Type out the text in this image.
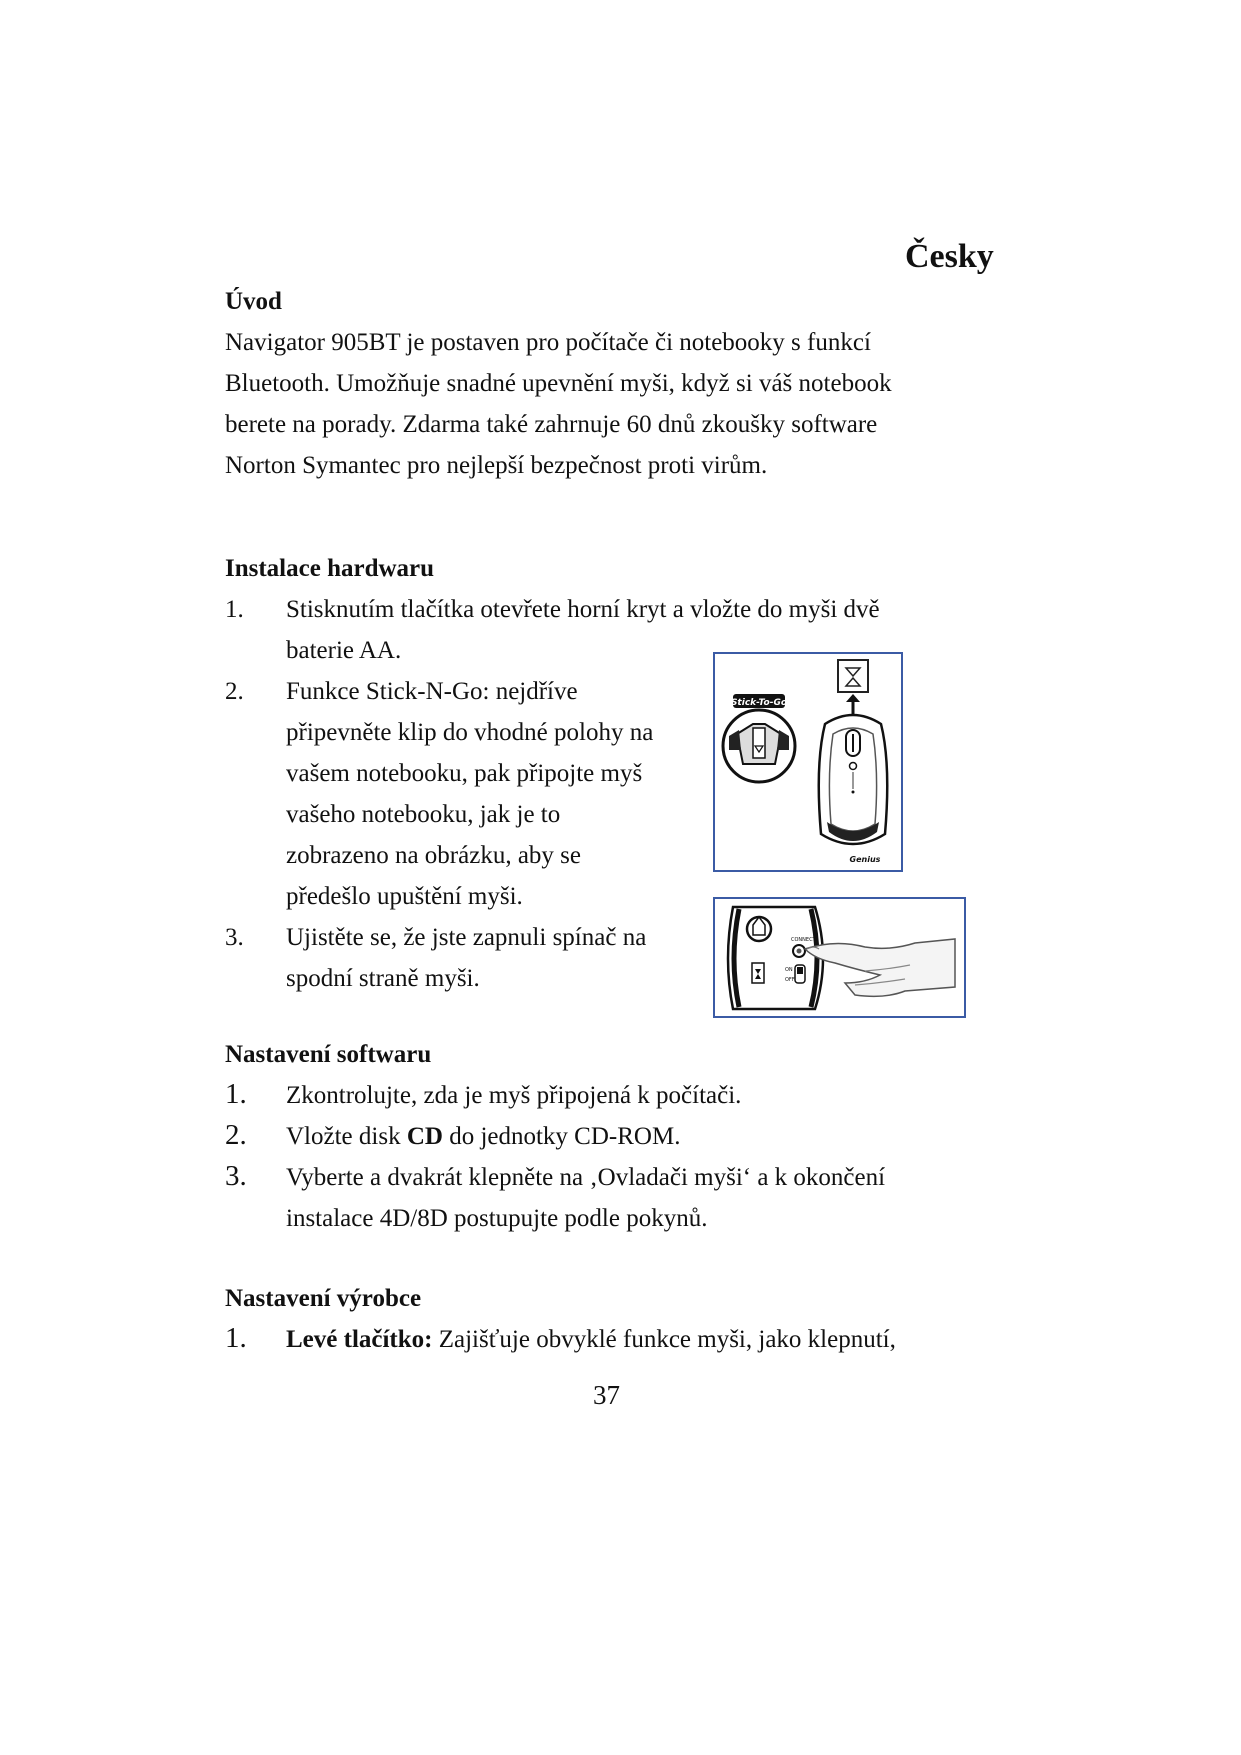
Česky
Úvod
Navigator 905BT je postaven pro počítače či notebooky s funkcí
Bluetooth. Umožňuje snadné upevnění myši, když si váš notebook
berete na porady. Zdarma také zahrnuje 60 dnů zkoušky software
Norton Symantec pro nejlepší bezpečnost proti virům.
Instalace hardwaru
1. Stisknutím tlačítka otevřete horní kryt a vložte do myši dvě
baterie AA.
2. Funkce Stick-N-Go: nejdříve
připevněte klip do vhodné polohy na
vašem notebooku, pak připojte myš
vašeho notebooku, jak je to
zobrazeno na obrázku, aby se
předešlo upuštění myši.
3. Ujistěte se, že jste zapnuli spínač na
spodní straně myši.
Stick-To-Go
Genius
CONNECT
ON
OFF
Nastavení softwaru
1. Zkontrolujte, zda je myš připojená k počítači.
2. Vložte disk CD do jednotky CD-ROM.
3. Vyberte a dvakrát klepněte na ‚Ovladači myši‘ a k okončení
instalace 4D/8D postupujte podle pokynů.
Nastavení výrobce
1. Levé tlačítko: Zajišťuje obvyklé funkce myši, jako klepnutí,
37
